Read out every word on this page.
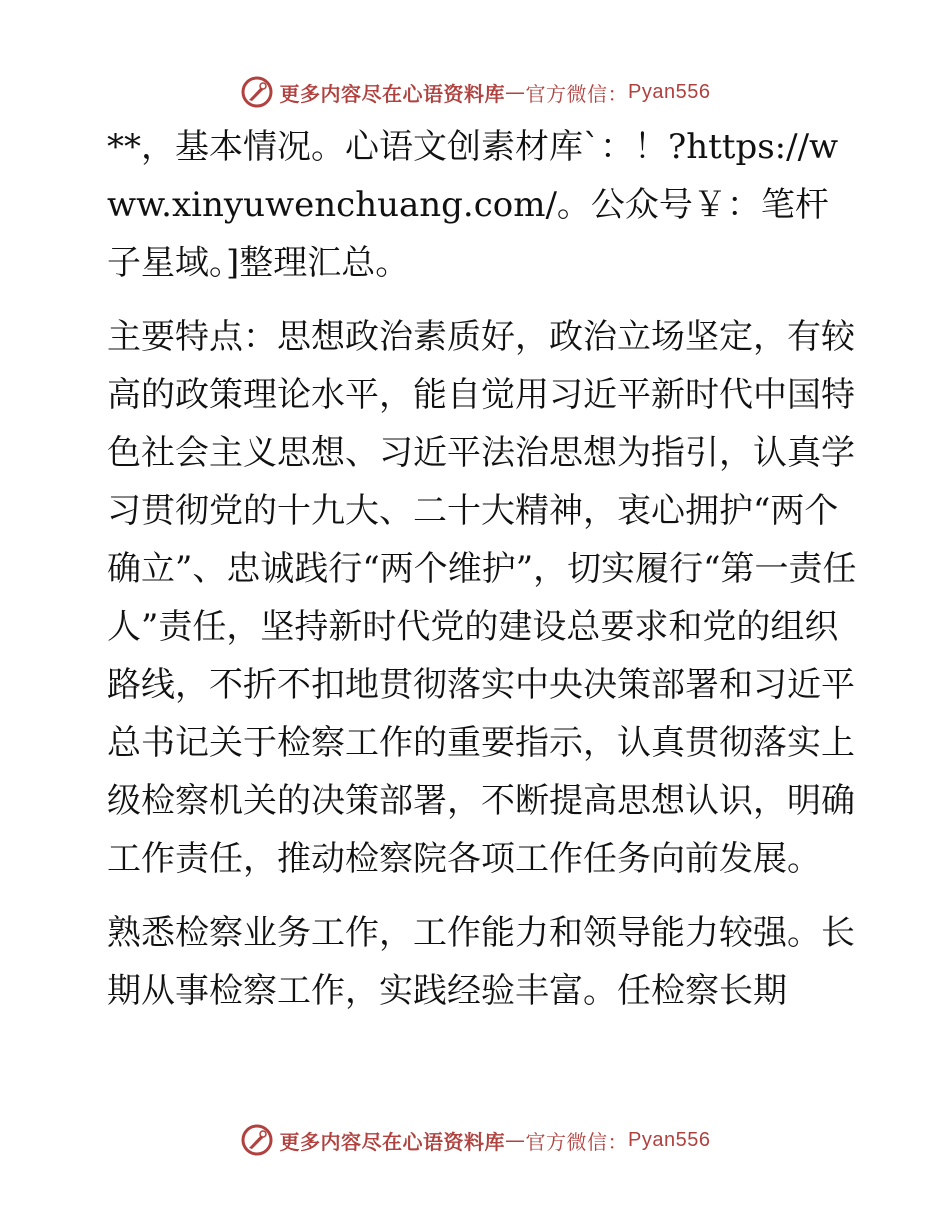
更多内容尽在心语资料库 — 官方微信： Pyan556

**，基本情况。心语文创素材库`：！?https://www.xinyuwenchuang.com/。公众号￥：笔杆子星域。]整理汇总。

主要特点：思想政治素质好，政治立场坚定，有较高的政策理论水平，能自觉用习近平新时代中国特色社会主义思想、习近平法治思想为指引，认真学习贯彻党的十九大、二十大精神，衷心拥护“两个确立”、忠诚践行“两个维护”，切实履行“第一责任人”责任，坚持新时代党的建设总要求和党的组织路线，不折不扣地贯彻落实中央决策部署和习近平总书记关于检察工作的重要指示，认真贯彻落实上级检察机关的决策部署，不断提高思想认识，明确工作责任，推动检察院各项工作任务向前发展。

熟悉检察业务工作，工作能力和领导能力较强。长期从事检察工作，实践经验丰富。任检察长期

更多内容尽在心语资料库 — 官方微信： Pyan556
